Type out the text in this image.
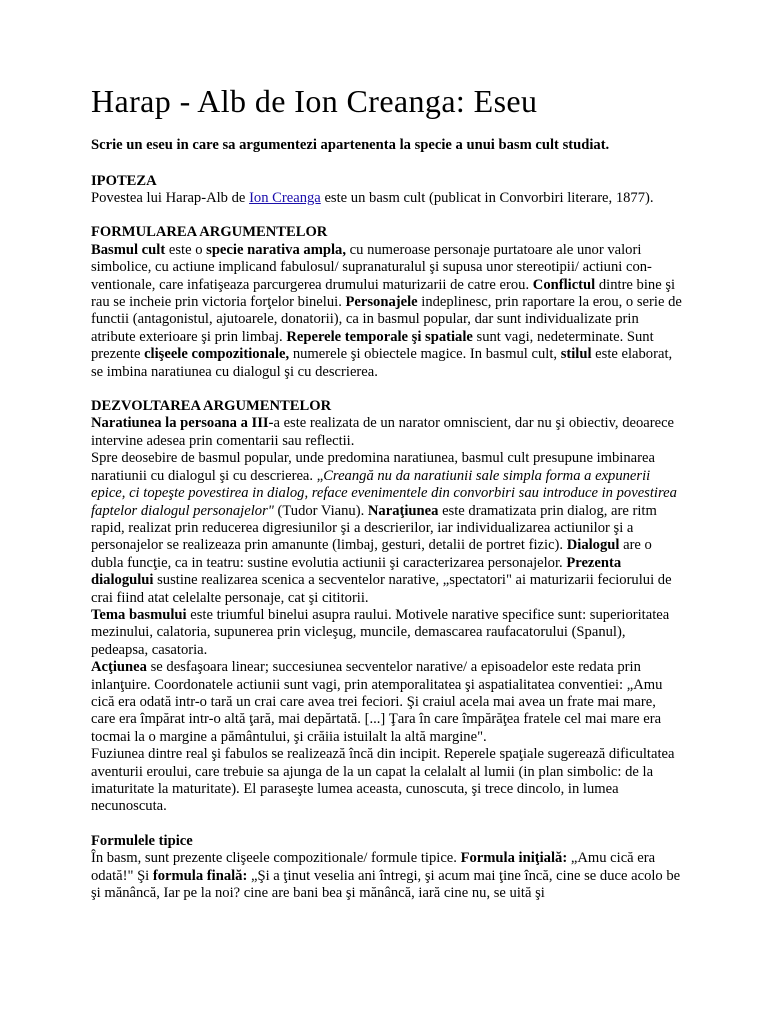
Harap - Alb de Ion Creanga: Eseu

Scrie un eseu in care sa argumentezi apartenenta la specie a unui basm cult studiat.

IPOTEZA
Povestea lui Harap-Alb de Ion Creanga este un basm cult (publicat in Convorbiri literare, 1877).

FORMULAREA ARGUMENTELOR
Basmul cult este o specie narativa ampla, cu numeroase personaje purtatoare ale unor valori simbolice, cu actiune implicand fabulosul/ supranaturalul şi supusa unor stereotipii/ actiuni con-ventionale, care infatişeaza parcurgerea drumului maturizarii de catre erou. Conflictul dintre bine şi rau se incheie prin victoria forţelor binelui. Personajele indeplinesc, prin raportare la erou, o serie de functii (antagonistul, ajutoarele, donatorii), ca in basmul popular, dar sunt individualizate prin atribute exterioare şi prin limbaj. Reperele temporale şi spatiale sunt vagi, nedeterminate. Sunt prezente clişeele compozitionale, numerele şi obiectele magice. In basmul cult, stilul este elaborat, se imbina naratiunea cu dialogul şi cu descrierea.

DEZVOLTAREA ARGUMENTELOR
Naratiunea la persoana a III-a este realizata de un narator omniscient, dar nu şi obiectiv, deoarece intervine adesea prin comentarii sau reflectii.
Spre deosebire de basmul popular, unde predomina naratiunea, basmul cult presupune imbinarea naratiunii cu dialogul şi cu descrierea. „Creangă nu da naratiunii sale simpla forma a expunerii epice, ci topeşte povestirea in dialog, reface evenimentele din convorbiri sau introduce in povestirea faptelor dialogul personajelor" (Tudor Vianu). Naraţiunea este dramatizata prin dialog, are ritm rapid, realizat prin reducerea digresiunilor şi a descrierilor, iar individualizarea actiunilor şi a personajelor se realizeaza prin amanunte (limbaj, gesturi, detalii de portret fizic). Dialogul are o dubla funcţie, ca in teatru: sustine evolutia actiunii şi caracterizarea personajelor. Prezenta dialogului sustine realizarea scenica a secventelor narative, „spectatori" ai maturizarii feciorului de crai fiind atat celelalte personaje, cat şi cititorii.
Tema basmului este triumful binelui asupra raului. Motivele narative specifice sunt: superioritatea mezinului, calatoria, supunerea prin vicleşug, muncile, demascarea raufacatorului (Spanul), pedeapsa, casatoria.
Acţiunea se desfaşoara linear; succesiunea secventelor narative/ a episoadelor este redata prin inlanţuire. Coordonatele actiunii sunt vagi, prin atemporalitatea şi aspatialitatea conventiei: „Amu cică era odată intr-o tară un crai care avea trei feciori. Şi craiul acela mai avea un frate mai mare, care era împărat intr-o altă ţară, mai depărtată. [...] Ţara în care împărăţea fratele cel mai mare era tocmai la o margine a pământului, şi crăiia istuilalt la altă margine".
Fuziunea dintre real şi fabulos se realizează încă din incipit. Reperele spaţiale sugerează dificultatea aventurii eroului, care trebuie sa ajunga de la un capat la celalalt al lumii (in plan simbolic: de la imaturitate la maturitate). El paraseşte lumea aceasta, cunoscuta, şi trece dincolo, in lumea necunoscuta.

Formulele tipice
În basm, sunt prezente clişeele compozitionale/ formule tipice. Formula iniţială: „Amu cică era odată!" Şi formula finală: „Şi a ţinut veselia ani întregi, şi acum mai ţine încă, cine se duce acolo be şi mănâncă, Iar pe la noi? cine are bani bea şi mănâncă, iară cine nu, se uită şi
